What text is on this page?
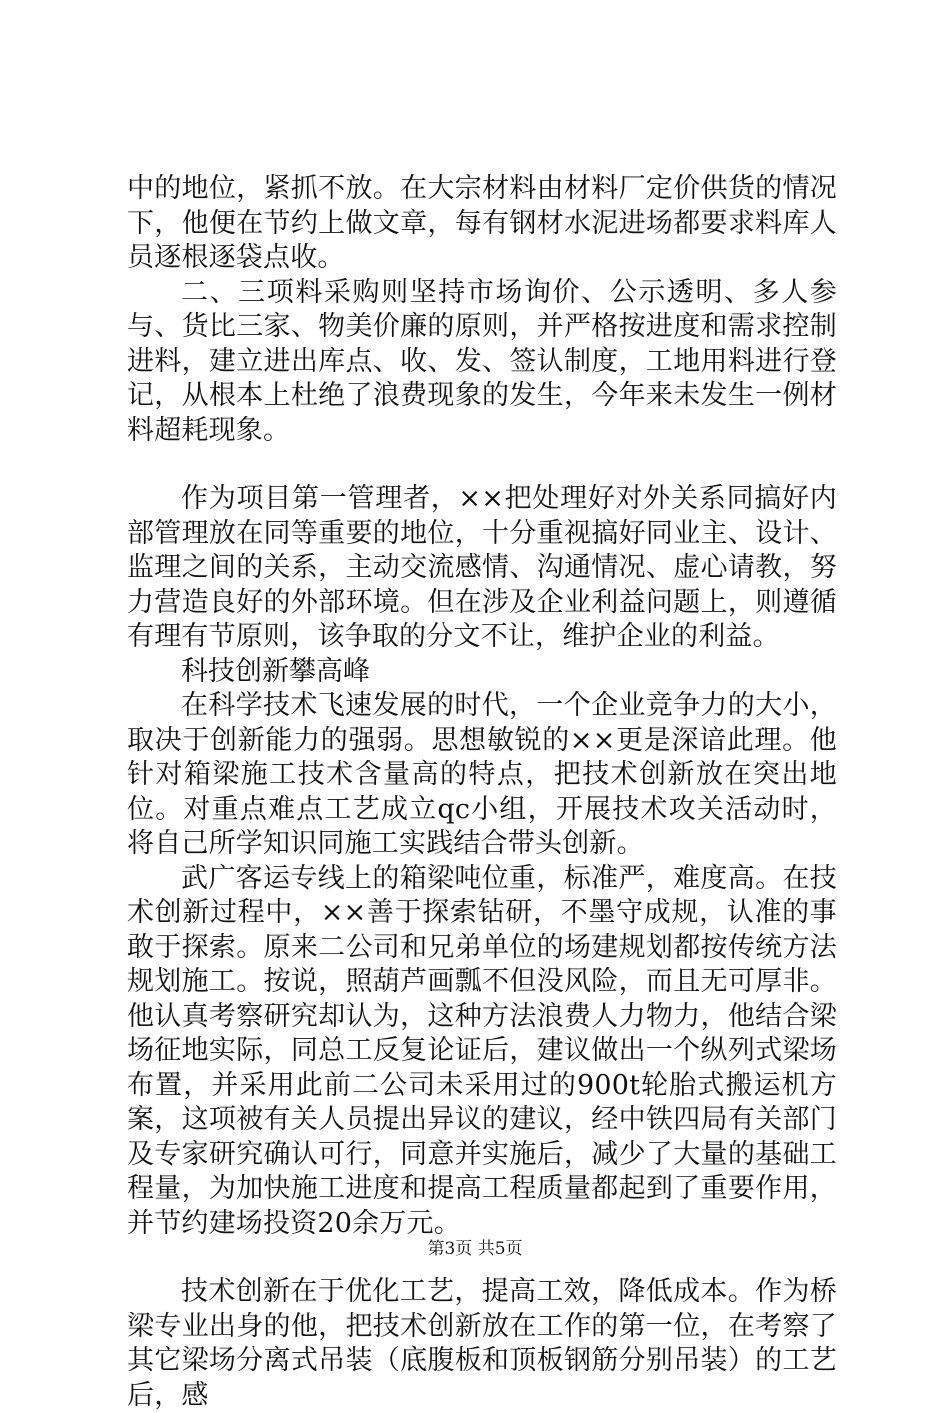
中的地位，紧抓不放。在大宗材料由材料厂定价供货的情况下，他便在节约上做文章，每有钢材水泥进场都要求料库人员逐根逐袋点收。

二、三项料采购则坚持市场询价、公示透明、多人参与、货比三家、物美价廉的原则，并严格按进度和需求控制进料，建立进出库点、收、发、签认制度，工地用料进行登记，从根本上杜绝了浪费现象的发生，今年来未发生一例材料超耗现象。

作为项目第一管理者，××把处理好对外关系同搞好内部管理放在同等重要的地位，十分重视搞好同业主、设计、监理之间的关系，主动交流感情、沟通情况、虚心请教，努力营造良好的外部环境。但在涉及企业利益问题上，则遵循有理有节原则，该争取的分文不让，维护企业的利益。

科技创新攀高峰

在科学技术飞速发展的时代，一个企业竞争力的大小，取决于创新能力的强弱。思想敏锐的××更是深谙此理。他针对箱梁施工技术含量高的特点，把技术创新放在突出地位。对重点难点工艺成立qc小组，开展技术攻关活动时，将自己所学知识同施工实践结合带头创新。

武广客运专线上的箱梁吨位重，标准严，难度高。在技术创新过程中，××善于探索钻研，不墨守成规，认准的事敢于探索。原来二公司和兄弟单位的场建规划都按传统方法规划施工。按说，照葫芦画瓢不但没风险，而且无可厚非。他认真考察研究却认为，这种方法浪费人力物力，他结合梁场征地实际，同总工反复论证后，建议做出一个纵列式梁场布置，并采用此前二公司未采用过的900t轮胎式搬运机方案，这项被有关人员提出异议的建议，经中铁四局有关部门及专家研究确认可行，同意并实施后，减少了大量的基础工程量，为加快施工进度和提高工程质量都起到了重要作用，并节约建场投资20余万元。

技术创新在于优化工艺，提高工效，降低成本。作为桥梁专业出身的他，把技术创新放在工作的第一位，在考察了其它梁场分离式吊装（底腹板和顶板钢筋分别吊装）的工艺后，感

第3页 共5页
